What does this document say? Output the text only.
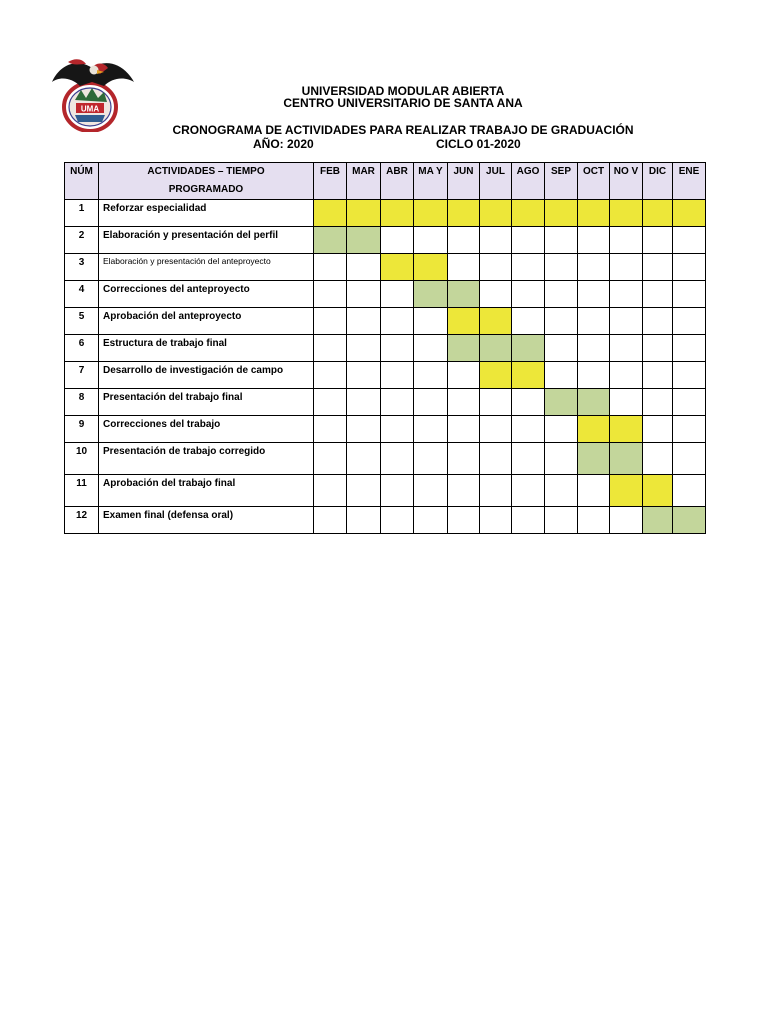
UMA
UNIVERSIDAD MODULAR ABIERTA
CENTRO UNIVERSITARIO DE SANTA ANA
CRONOGRAMA DE ACTIVIDADES PARA REALIZAR TRABAJO DE GRADUACIÓN
AÑO: 2020	CICLO 01-2020
NÚM	ACTIVIDADES – TIEMPO
PROGRAMADO	FEB	MAR	ABR	MA Y	JUN	JUL	AGO	SEP	OCT	NO V	DIC	ENE
1	Reforzar especialidad												
2	Elaboración y presentación del perfil												
3	Elaboración y presentación del anteproyecto												
4	Correcciones del anteproyecto												
5	Aprobación del anteproyecto												
6	Estructura de trabajo final												
7	Desarrollo de investigación de campo												
8	Presentación del trabajo final												
9	Correcciones del trabajo												
10	Presentación de trabajo corregido												
11	Aprobación del trabajo final												
12	Examen final (defensa oral)												
